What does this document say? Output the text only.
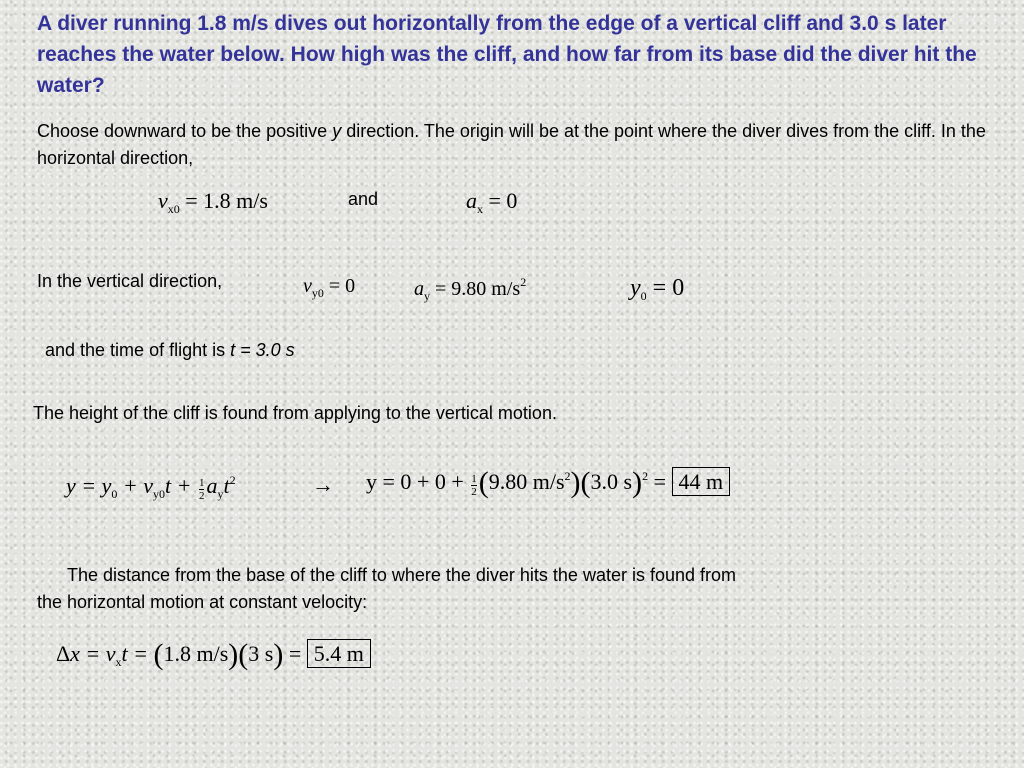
A diver running 1.8 m/s dives out horizontally from the edge of a vertical cliff and 3.0 s later reaches the water below. How high was the cliff, and how far from its base did the diver hit the water?
Choose downward to be the positive y direction. The origin will be at the point where the diver dives from the cliff. In the horizontal direction,
$v_{x0} = 1.8$ m/s	and	$a_x = 0$
In the vertical direction,	$v_{y0} = 0$	$a_y = 9.80$ $m/s^2$	$y_0 = 0$
and the time of flight is t = 3.0 s
The height of the cliff is found from applying to the vertical motion.
$y = y_0 + v_{y0}t + \frac{1}{2} a_yt^2$	→ $y = 0 + 0 + \frac{1}{2} (9.80$ $m/s^2)(3.0$ s)$^2$ = 44 m
The distance from the base of the cliff to where the diver hits the water is found from
the horizontal motion at constant velocity:
$\Delta x = v_xt = (1.8$ m/s)(3 s) = 5.4 m
